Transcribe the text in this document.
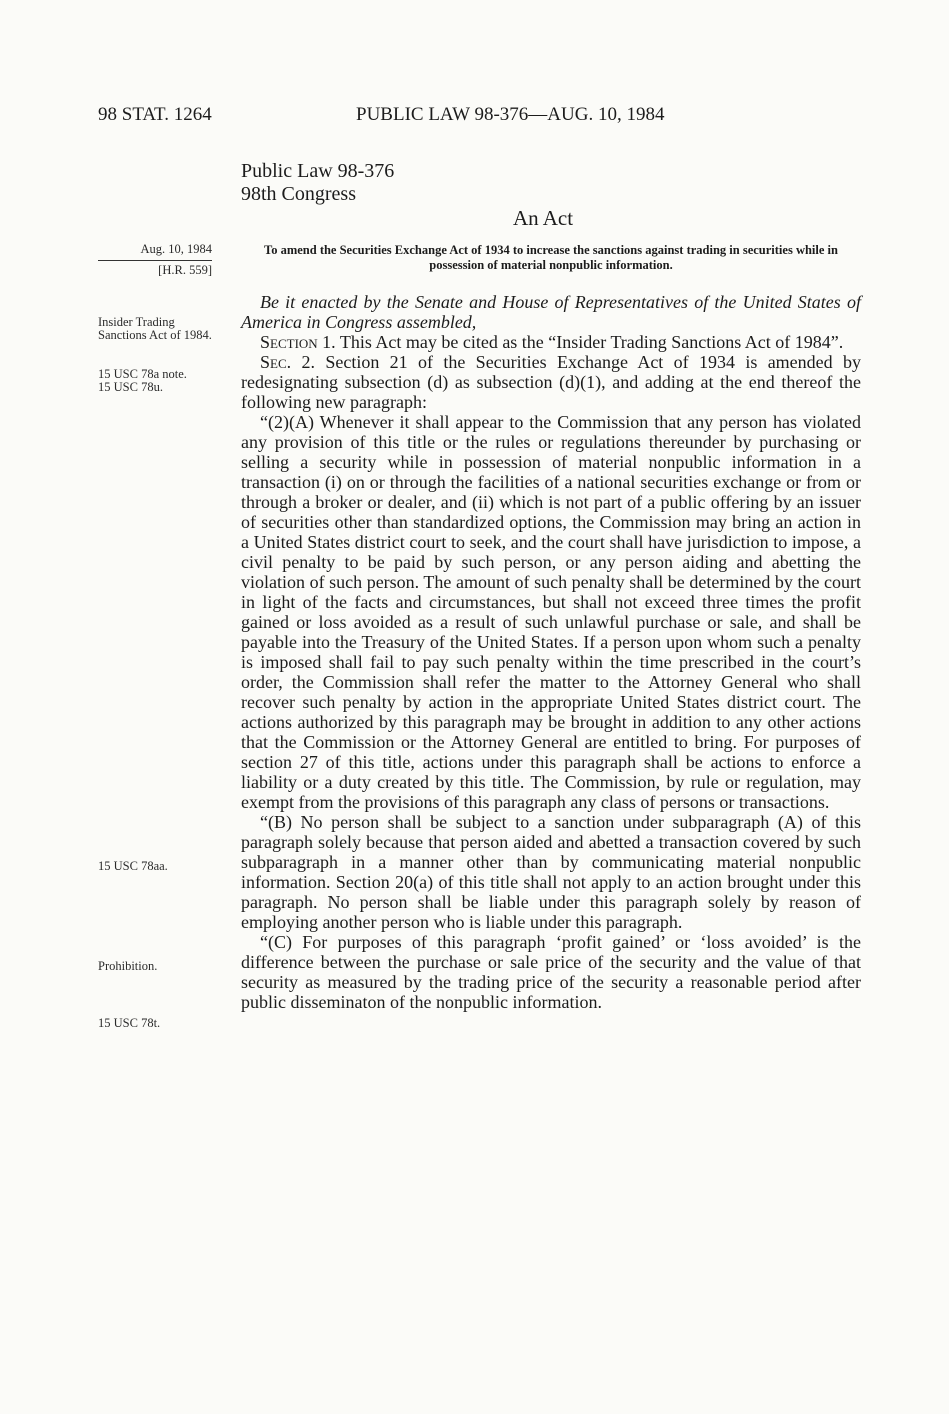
98 STAT. 1264	PUBLIC LAW 98-376—AUG. 10, 1984
Public Law 98-376
98th Congress
An Act
Aug. 10, 1984
[H.R. 559]
To amend the Securities Exchange Act of 1934 to increase the sanctions against trading in securities while in possession of material nonpublic information.
Insider Trading Sanctions Act of 1984.
15 USC 78a note.
15 USC 78u.
15 USC 78aa.
Prohibition.
15 USC 78t.

Be it enacted by the Senate and House of Representatives of the United States of America in Congress assembled,

Section 1. This Act may be cited as the “Insider Trading Sanctions Act of 1984”.

Sec. 2. Section 21 of the Securities Exchange Act of 1934 is amended by redesignating subsection (d) as subsection (d)(1), and adding at the end thereof the following new paragraph:

“(2)(A) Whenever it shall appear to the Commission that any person has violated any provision of this title or the rules or regulations thereunder by purchasing or selling a security while in possession of material nonpublic information in a transaction (i) on or through the facilities of a national securities exchange or from or through a broker or dealer, and (ii) which is not part of a public offering by an issuer of securities other than standardized options, the Commission may bring an action in a United States district court to seek, and the court shall have jurisdiction to impose, a civil penalty to be paid by such person, or any person aiding and abetting the violation of such person. The amount of such penalty shall be determined by the court in light of the facts and circumstances, but shall not exceed three times the profit gained or loss avoided as a result of such unlawful purchase or sale, and shall be payable into the Treasury of the United States. If a person upon whom such a penalty is imposed shall fail to pay such penalty within the time prescribed in the court’s order, the Commission shall refer the matter to the Attorney General who shall recover such penalty by action in the appropriate United States district court. The actions authorized by this paragraph may be brought in addition to any other actions that the Commission or the Attorney General are entitled to bring. For purposes of section 27 of this title, actions under this paragraph shall be actions to enforce a liability or a duty created by this title. The Commission, by rule or regulation, may exempt from the provisions of this paragraph any class of persons or transactions.

“(B) No person shall be subject to a sanction under subparagraph (A) of this paragraph solely because that person aided and abetted a transaction covered by such subparagraph in a manner other than by communicating material nonpublic information. Section 20(a) of this title shall not apply to an action brought under this paragraph. No person shall be liable under this paragraph solely by reason of employing another person who is liable under this paragraph.

“(C) For purposes of this paragraph ‘profit gained’ or ‘loss avoided’ is the difference between the purchase or sale price of the security and the value of that security as measured by the trading price of the security a reasonable period after public disseminaton of the nonpublic information.
